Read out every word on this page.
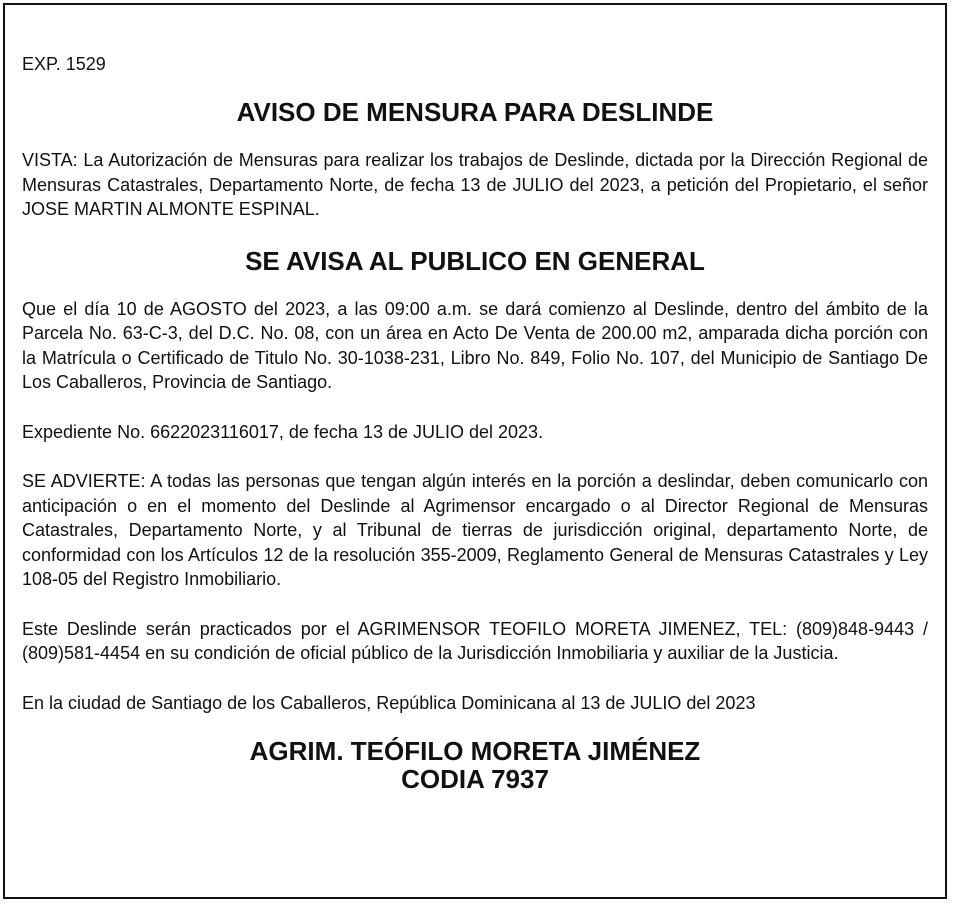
EXP. 1529

AVISO DE MENSURA PARA DESLINDE

VISTA: La Autorización de Mensuras para realizar los trabajos de Deslinde, dictada por la Dirección Regional de Mensuras Catastrales, Departamento Norte, de fecha 13 de JULIO del 2023, a petición del Propietario, el señor JOSE MARTIN ALMONTE ESPINAL.

SE AVISA AL PUBLICO EN GENERAL

Que el día 10 de AGOSTO del 2023, a las 09:00 a.m. se dará comienzo al Deslinde, dentro del ámbito de la Parcela No. 63-C-3, del D.C. No. 08, con un área en Acto De Venta de 200.00 m2, amparada dicha porción con la Matrícula o Certificado de Titulo No. 30-1038-231, Libro No. 849, Folio No. 107, del Municipio de Santiago De Los Caballeros, Provincia de Santiago.

Expediente No. 6622023116017, de fecha 13 de JULIO del 2023.

SE ADVIERTE: A todas las personas que tengan algún interés en la porción a deslindar, deben comunicarlo con anticipación o en el momento del Deslinde al Agrimensor encargado o al Director Regional de Mensuras Catastrales, Departamento Norte, y al Tribunal de tierras de jurisdicción original, departamento Norte, de conformidad con los Artículos 12 de la resolución 355-2009, Reglamento General de Mensuras Catastrales y Ley 108-05 del Registro Inmobiliario.

Este Deslinde serán practicados por el AGRIMENSOR TEOFILO MORETA JIMENEZ, TEL: (809)848-9443 / (809)581-4454 en su condición de oficial público de la Jurisdicción Inmobiliaria y auxiliar de la Justicia.

En la ciudad de Santiago de los Caballeros, República Dominicana al 13 de JULIO del 2023

AGRIM. TEÓFILO MORETA JIMÉNEZ
CODIA 7937
